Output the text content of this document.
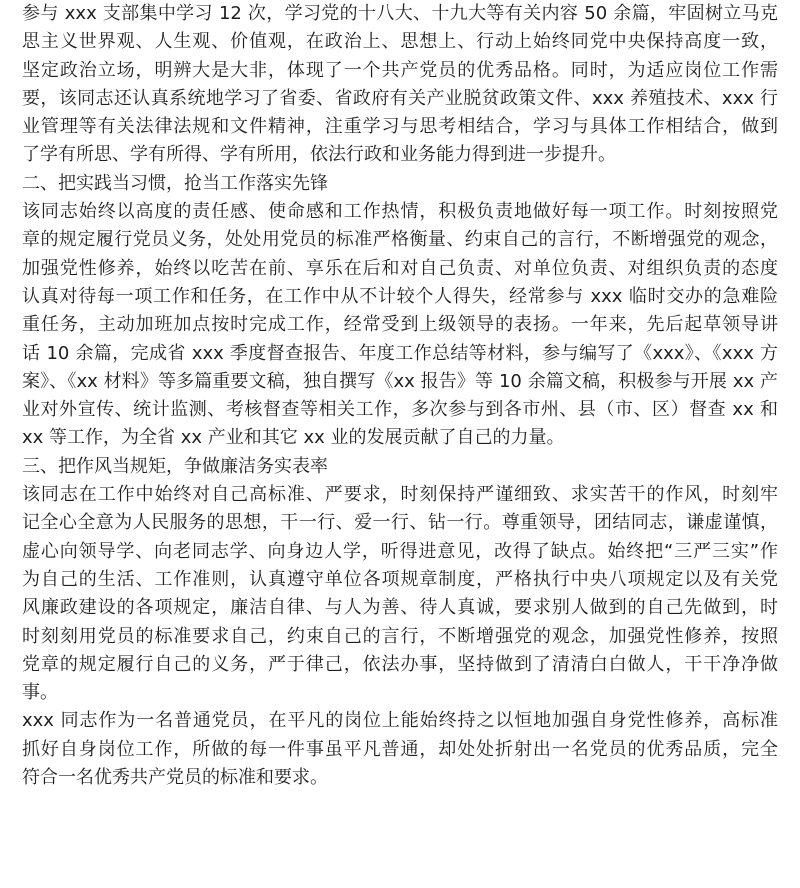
参与 xxx 支部集中学习 12 次，学习党的十八大、十九大等有关内容 50 余篇，牢固树立马克
思主义世界观、人生观、价值观，在政治上、思想上、行动上始终同党中央保持高度一致，
坚定政治立场，明辨大是大非，体现了一个共产党员的优秀品格。同时，为适应岗位工作需
要，该同志还认真系统地学习了省委、省政府有关产业脱贫政策文件、xxx 养殖技术、xxx 行
业管理等有关法律法规和文件精神，注重学习与思考相结合，学习与具体工作相结合，做到
了学有所思、学有所得、学有所用，依法行政和业务能力得到进一步提升。
二、把实践当习惯，抢当工作落实先锋
该同志始终以高度的责任感、使命感和工作热情，积极负责地做好每一项工作。时刻按照党
章的规定履行党员义务，处处用党员的标准严格衡量、约束自己的言行，不断增强党的观念，
加强党性修养，始终以吃苦在前、享乐在后和对自己负责、对单位负责、对组织负责的态度
认真对待每一项工作和任务，在工作中从不计较个人得失，经常参与 xxx 临时交办的急难险
重任务，主动加班加点按时完成工作，经常受到上级领导的表扬。一年来，先后起草领导讲
话 10 余篇，完成省 xxx 季度督查报告、年度工作总结等材料，参与编写了《xxx》、《xxx 方
案》、《xx 材料》等多篇重要文稿，独自撰写《xx 报告》等 10 余篇文稿，积极参与开展 xx 产
业对外宣传、统计监测、考核督查等相关工作，多次参与到各市州、县（市、区）督查 xx 和
xx 等工作，为全省 xx 产业和其它 xx 业的发展贡献了自己的力量。
三、把作风当规矩，争做廉洁务实表率
该同志在工作中始终对自己高标准、严要求，时刻保持严谨细致、求实苦干的作风，时刻牢
记全心全意为人民服务的思想，干一行、爱一行、钻一行。尊重领导，团结同志，谦虚谨慎，
虚心向领导学、向老同志学、向身边人学，听得进意见，改得了缺点。始终把“三严三实”作
为自己的生活、工作准则，认真遵守单位各项规章制度，严格执行中央八项规定以及有关党
风廉政建设的各项规定，廉洁自律、与人为善、待人真诚，要求别人做到的自己先做到，时
时刻刻用党员的标准要求自己，约束自己的言行，不断增强党的观念，加强党性修养，按照
党章的规定履行自己的义务，严于律己，依法办事，坚持做到了清清白白做人，干干净净做
事。
xxx 同志作为一名普通党员，在平凡的岗位上能始终持之以恒地加强自身党性修养，高标准
抓好自身岗位工作，所做的每一件事虽平凡普通，却处处折射出一名党员的优秀品质，完全
符合一名优秀共产党员的标准和要求。
